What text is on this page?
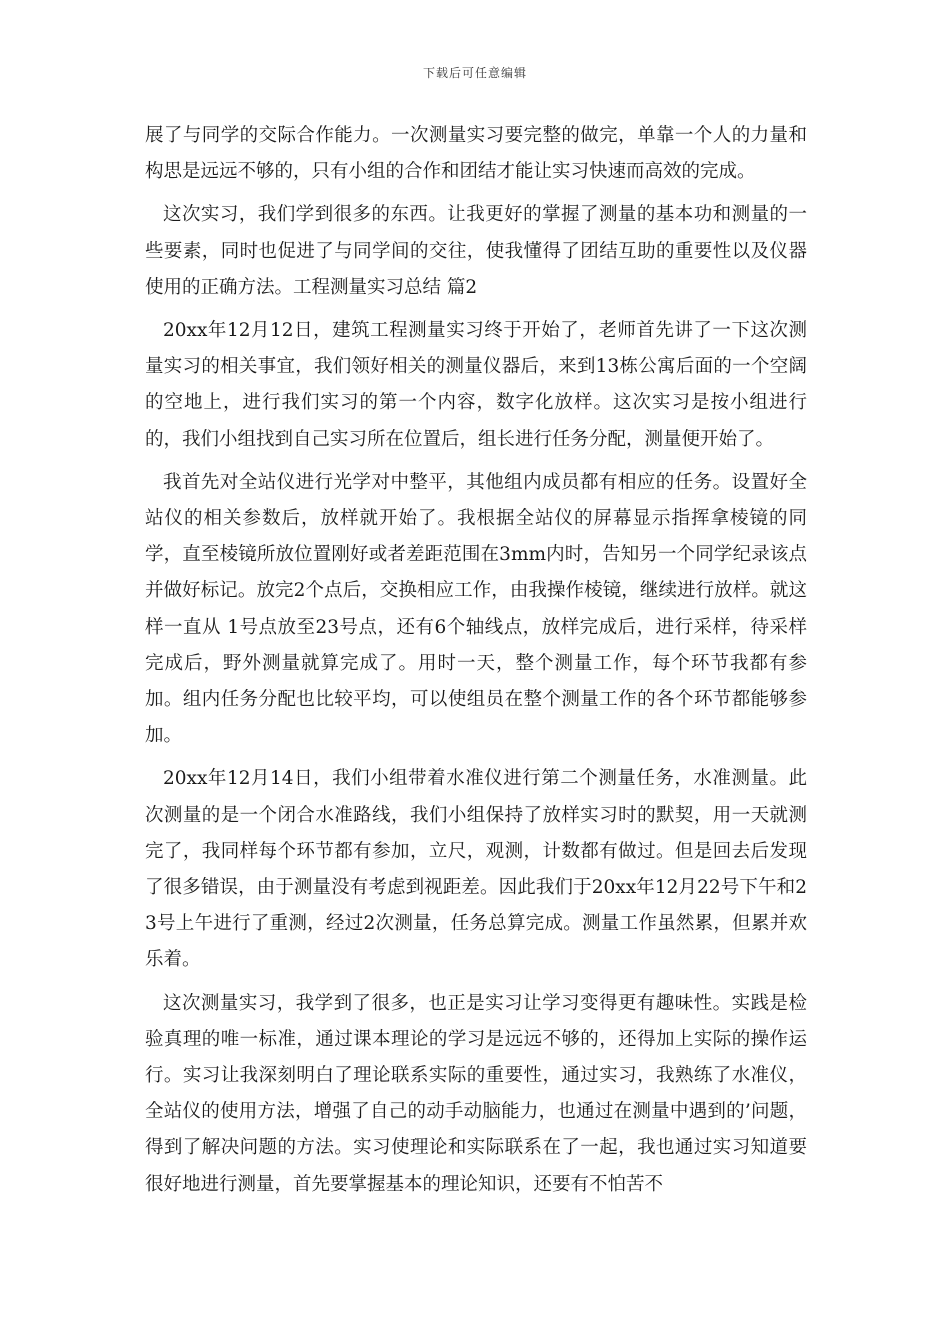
下载后可任意编辑

展了与同学的交际合作能力。一次测量实习要完整的做完，单靠一个人的力量和构思是远远不够的，只有小组的合作和团结才能让实习快速而高效的完成。

这次实习，我们学到很多的东西。让我更好的掌握了测量的基本功和测量的一些要素，同时也促进了与同学间的交往，使我懂得了团结互助的重要性以及仪器使用的正确方法。工程测量实习总结 篇2

20xx年12月12日，建筑工程测量实习终于开始了，老师首先讲了一下这次测量实习的相关事宜，我们领好相关的测量仪器后，来到13栋公寓后面的一个空阔的空地上，进行我们实习的第一个内容，数字化放样。这次实习是按小组进行的，我们小组找到自己实习所在位置后，组长进行任务分配，测量便开始了。

我首先对全站仪进行光学对中整平，其他组内成员都有相应的任务。设置好全站仪的相关参数后，放样就开始了。我根据全站仪的屏幕显示指挥拿棱镜的同学，直至棱镜所放位置刚好或者差距范围在3mm内时，告知另一个同学纪录该点并做好标记。放完2个点后，交换相应工作，由我操作棱镜，继续进行放样。就这样一直从 1号点放至23号点，还有6个轴线点，放样完成后，进行采样，待采样完成后，野外测量就算完成了。用时一天，整个测量工作，每个环节我都有参加。组内任务分配也比较平均，可以使组员在整个测量工作的各个环节都能够参加。

20xx年12月14日，我们小组带着水准仪进行第二个测量任务，水准测量。此次测量的是一个闭合水准路线，我们小组保持了放样实习时的默契，用一天就测完了，我同样每个环节都有参加，立尺，观测，计数都有做过。但是回去后发现了很多错误，由于测量没有考虑到视距差。因此我们于20xx年12月22号下午和23号上午进行了重测，经过2次测量，任务总算完成。测量工作虽然累，但累并欢乐着。

这次测量实习，我学到了很多，也正是实习让学习变得更有趣味性。实践是检验真理的唯一标准，通过课本理论的学习是远远不够的，还得加上实际的操作运行。实习让我深刻明白了理论联系实际的重要性，通过实习，我熟练了水准仪，全站仪的使用方法，增强了自己的动手动脑能力，也通过在测量中遇到的’问题，得到了解决问题的方法。实习使理论和实际联系在了一起，我也通过实习知道要很好地进行测量，首先要掌握基本的理论知识，还要有不怕苦不
